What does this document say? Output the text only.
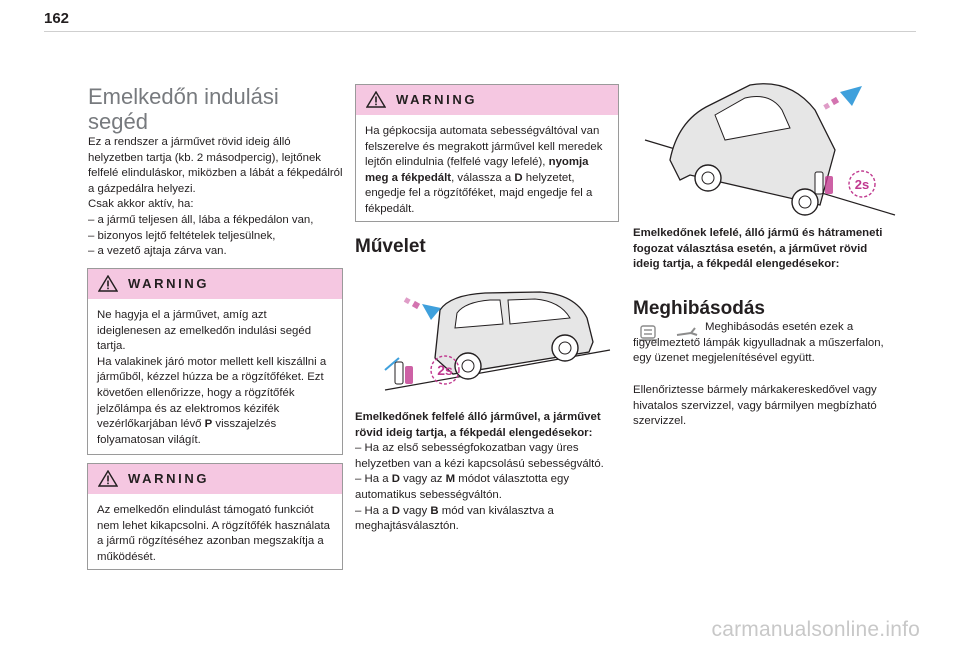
162
Emelkedőn indulási
segéd

Ez a rendszer a járművet rövid ideig álló helyzetben tartja (kb. 2 másodpercig), lejtőnek felfelé elinduláskor, miközben a lábát a fékpedálról a gázpedálra helyezi.

Csak akkor aktív, ha:

– a jármű teljesen áll, lába a fékpedálon van,

– bizonyos lejtő feltételek teljesülnek,

– a vezető ajtaja zárva van.

WARNING

Ne hagyja el a járművet, amíg azt ideiglenesen az emelkedőn indulási segéd tartja.

Ha valakinek járó motor mellett kell kiszállni a járműből, kézzel húzza be a rögzítőféket. Ezt követően ellenőrizze, hogy a rögzítőfék jelzőlámpa és az elektromos kézifék vezérlőkarjában lévő P visszajelzés folyamatosan világít.

WARNING

Az emelkedőn elindulást támogató funkciót nem lehet kikapcsolni. A rögzítőfék használata a jármű rögzítéséhez azonban megszakítja a működését.

WARNING

Ha gépkocsija automata sebességváltóval van felszerelve és megrakott járművel kell meredek lejtőn elindulnia (felfelé vagy lefelé), nyomja meg a fékpedált, válassza a D helyzetet, engedje fel a rögzítőféket, majd engedje fel a fékpedált.

Művelet
2s

Emelkedőnek felfelé álló járművel, a járművet rövid ideig tartja, a fékpedál elengedésekor:

– Ha az első sebességfokozatban vagy üres helyzetben van a kézi kapcsolású sebességváltó.

– Ha a D vagy az M módot választotta egy automatikus sebességváltón.

– Ha a D vagy B mód van kiválasztva a meghajtásválasztón.

2s

Emelkedőnek lefelé, álló jármű és hátrameneti fogozat választása esetén, a járművet rövid ideig tartja, a fékpedál elengedésekor:

Meghibásodás

Meghibásodás esetén ezek a figyelmeztető lámpák kigyulladnak a műszerfalon, egy üzenet megjelenítésével együtt.

Ellenőriztesse bármely márkakereskedővel vagy hivatalos szervizzel, vagy bármilyen megbízható szervizzel.

carmanualsonline.info
